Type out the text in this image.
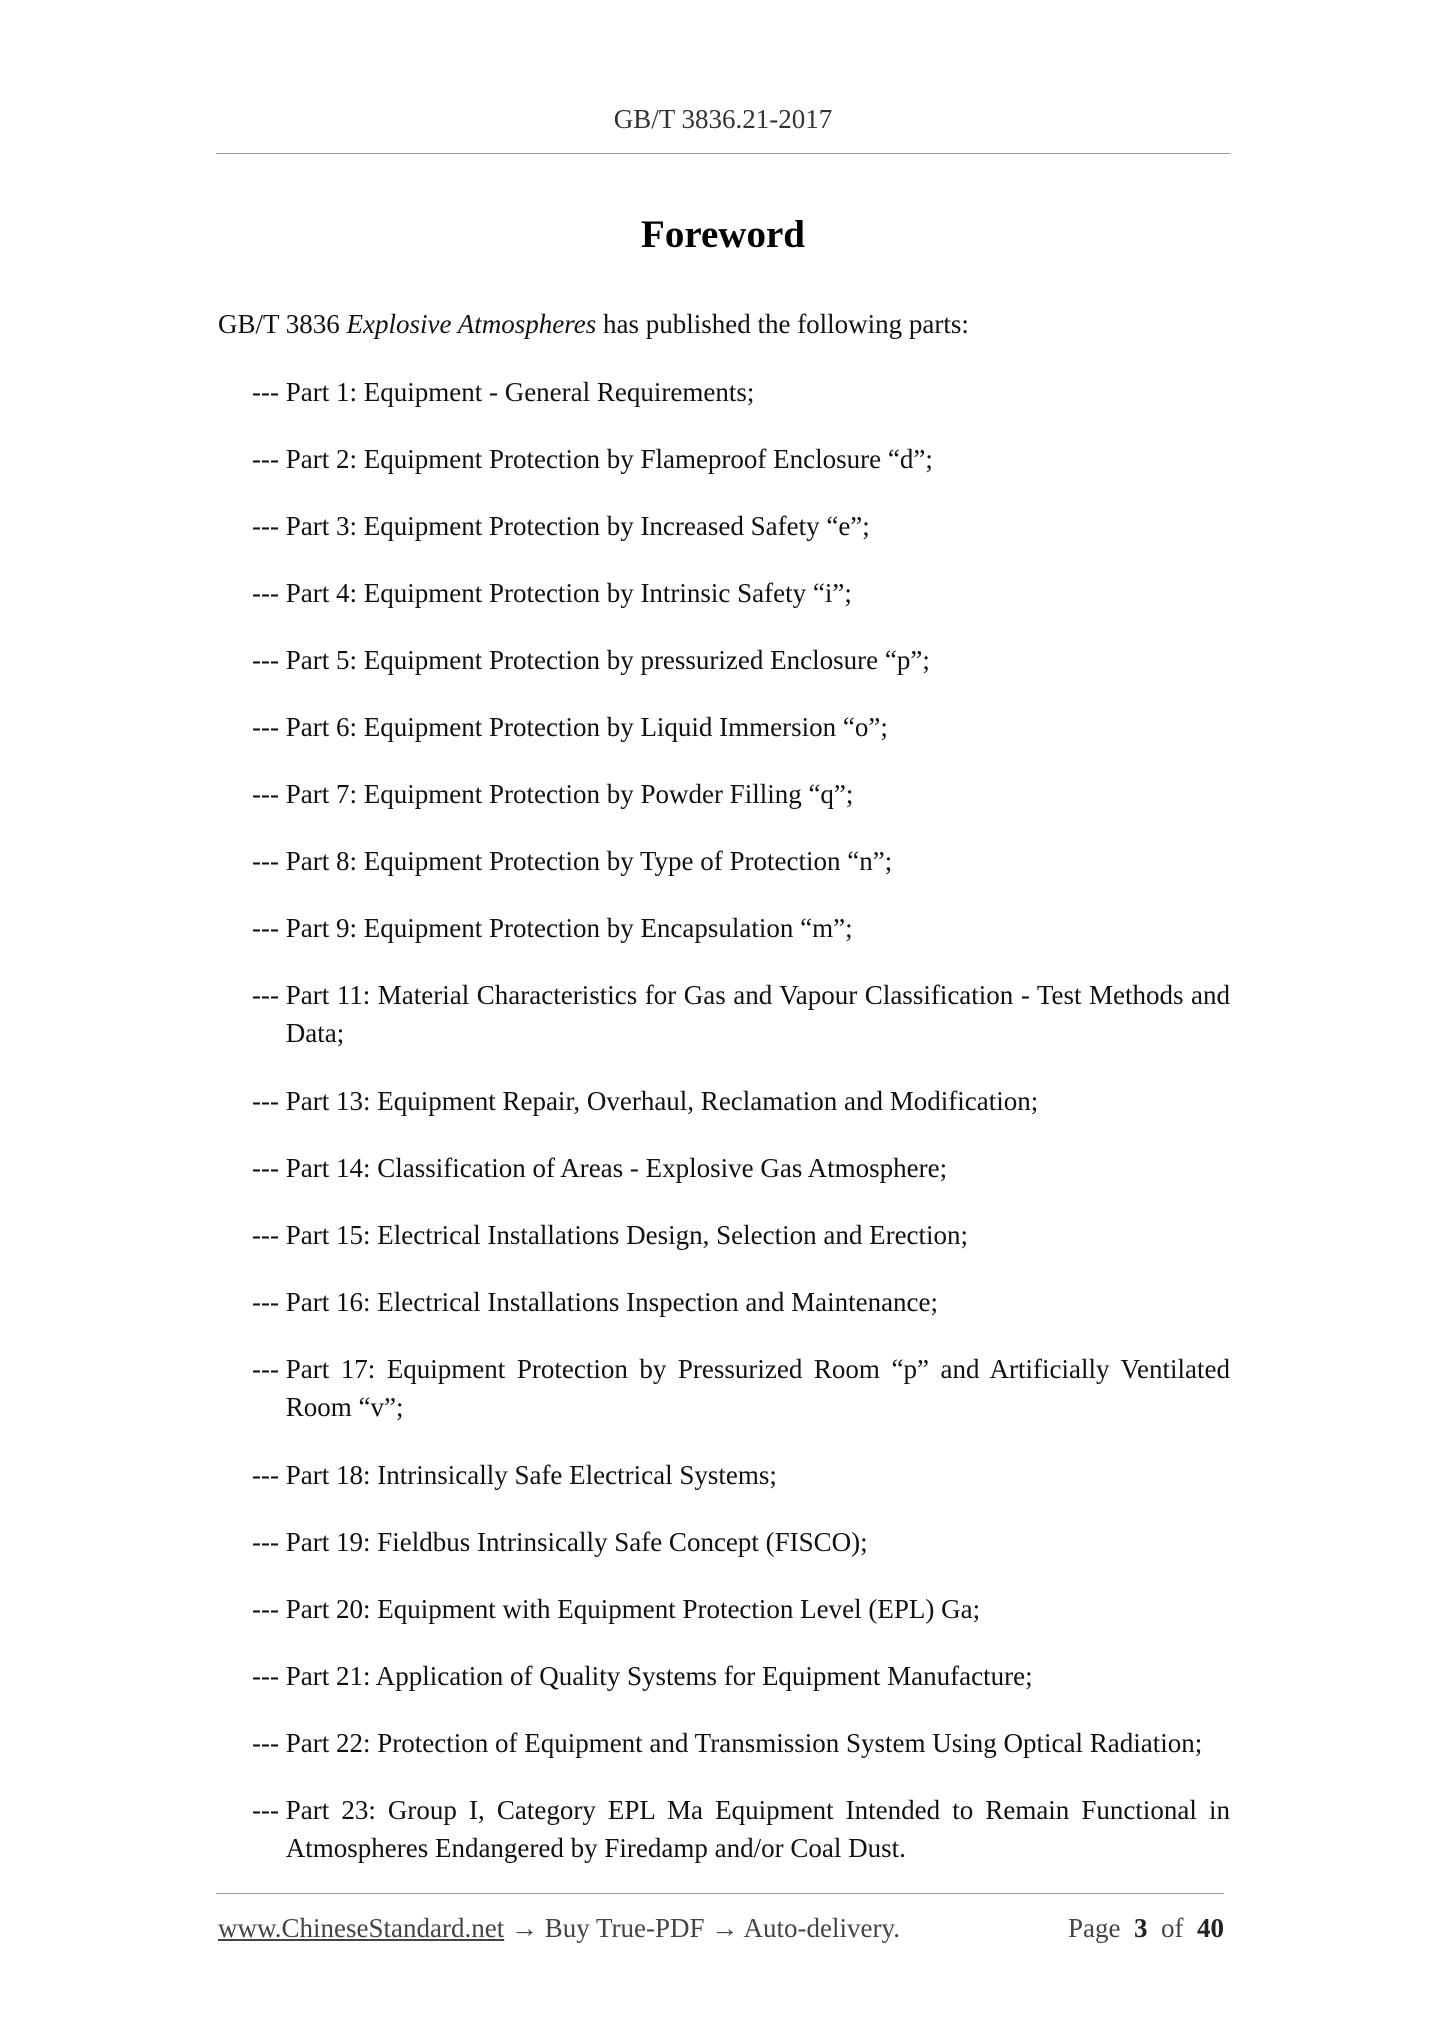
GB/T 3836.21-2017
Foreword

GB/T 3836 Explosive Atmospheres has published the following parts:

--- Part 1: Equipment - General Requirements;

--- Part 2: Equipment Protection by Flameproof Enclosure “d”;

--- Part 3: Equipment Protection by Increased Safety “e”;

--- Part 4: Equipment Protection by Intrinsic Safety “i”;

--- Part 5: Equipment Protection by pressurized Enclosure “p”;

--- Part 6: Equipment Protection by Liquid Immersion “o”;

--- Part 7: Equipment Protection by Powder Filling “q”;

--- Part 8: Equipment Protection by Type of Protection “n”;

--- Part 9: Equipment Protection by Encapsulation “m”;

--- Part 11: Material Characteristics for Gas and Vapour Classification - Test Methods and Data;

--- Part 13: Equipment Repair, Overhaul, Reclamation and Modification;

--- Part 14: Classification of Areas - Explosive Gas Atmosphere;

--- Part 15: Electrical Installations Design, Selection and Erection;

--- Part 16: Electrical Installations Inspection and Maintenance;

--- Part 17: Equipment Protection by Pressurized Room “p” and Artificially Ventilated Room “v”;

--- Part 18: Intrinsically Safe Electrical Systems;

--- Part 19: Fieldbus Intrinsically Safe Concept (FISCO);

--- Part 20: Equipment with Equipment Protection Level (EPL) Ga;

--- Part 21: Application of Quality Systems for Equipment Manufacture;

--- Part 22: Protection of Equipment and Transmission System Using Optical Radiation;

--- Part 23: Group I, Category EPL Ma Equipment Intended to Remain Functional in Atmospheres Endangered by Firedamp and/or Coal Dust.

www.ChineseStandard.net → Buy True-PDF → Auto-delivery.	Page 3 of 40
